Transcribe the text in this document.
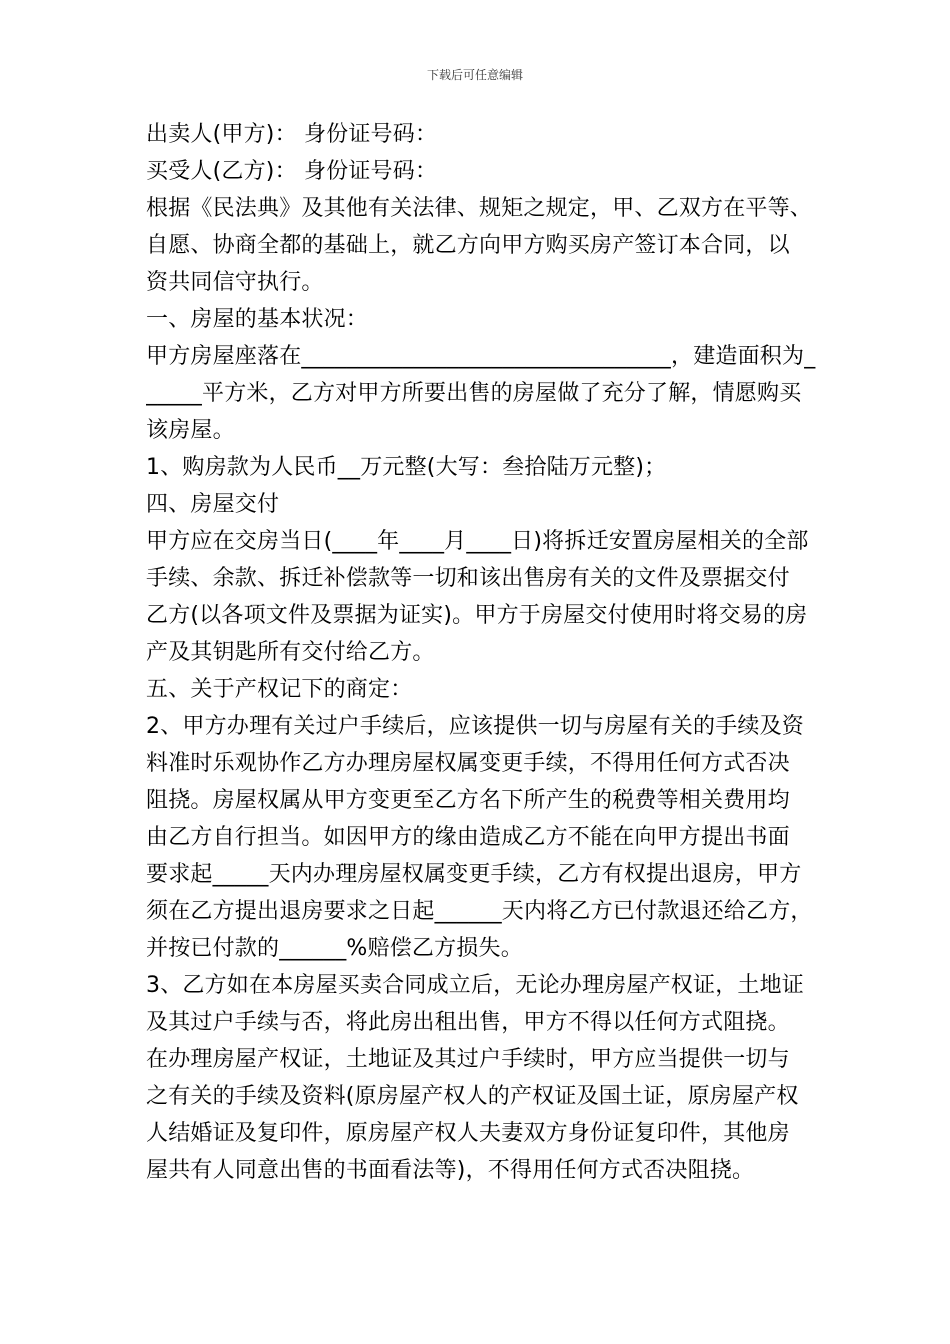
下载后可任意编辑
出卖人(甲方)： 身份证号码：
买受人(乙方)： 身份证号码：
根据《民法典》及其他有关法律、规矩之规定，甲、乙双方在平等、
自愿、协商全都的基础上，就乙方向甲方购买房产签订本合同，以
资共同信守执行。
一、房屋的基本状况：
甲方房屋座落在_________________________________，建造面积为_
_____平方米，乙方对甲方所要出售的房屋做了充分了解，情愿购买
该房屋。
1、购房款为人民币__万元整(大写：叁拾陆万元整)；
四、房屋交付
甲方应在交房当日(____年____月____日)将拆迁安置房屋相关的全部
手续、余款、拆迁补偿款等一切和该出售房有关的文件及票据交付
乙方(以各项文件及票据为证实)。甲方于房屋交付使用时将交易的房
产及其钥匙所有交付给乙方。
五、关于产权记下的商定：
2、甲方办理有关过户手续后，应该提供一切与房屋有关的手续及资
料准时乐观协作乙方办理房屋权属变更手续，不得用任何方式否决
阻挠。房屋权属从甲方变更至乙方名下所产生的税费等相关费用均
由乙方自行担当。如因甲方的缘由造成乙方不能在向甲方提出书面
要求起_____天内办理房屋权属变更手续，乙方有权提出退房，甲方
须在乙方提出退房要求之日起______天内将乙方已付款退还给乙方，
并按已付款的______%赔偿乙方损失。
3、乙方如在本房屋买卖合同成立后，无论办理房屋产权证，土地证
及其过户手续与否，将此房出租出售，甲方不得以任何方式阻挠。
在办理房屋产权证，土地证及其过户手续时，甲方应当提供一切与
之有关的手续及资料(原房屋产权人的产权证及国土证，原房屋产权
人结婚证及复印件，原房屋产权人夫妻双方身份证复印件，其他房
屋共有人同意出售的书面看法等)，不得用任何方式否决阻挠。
